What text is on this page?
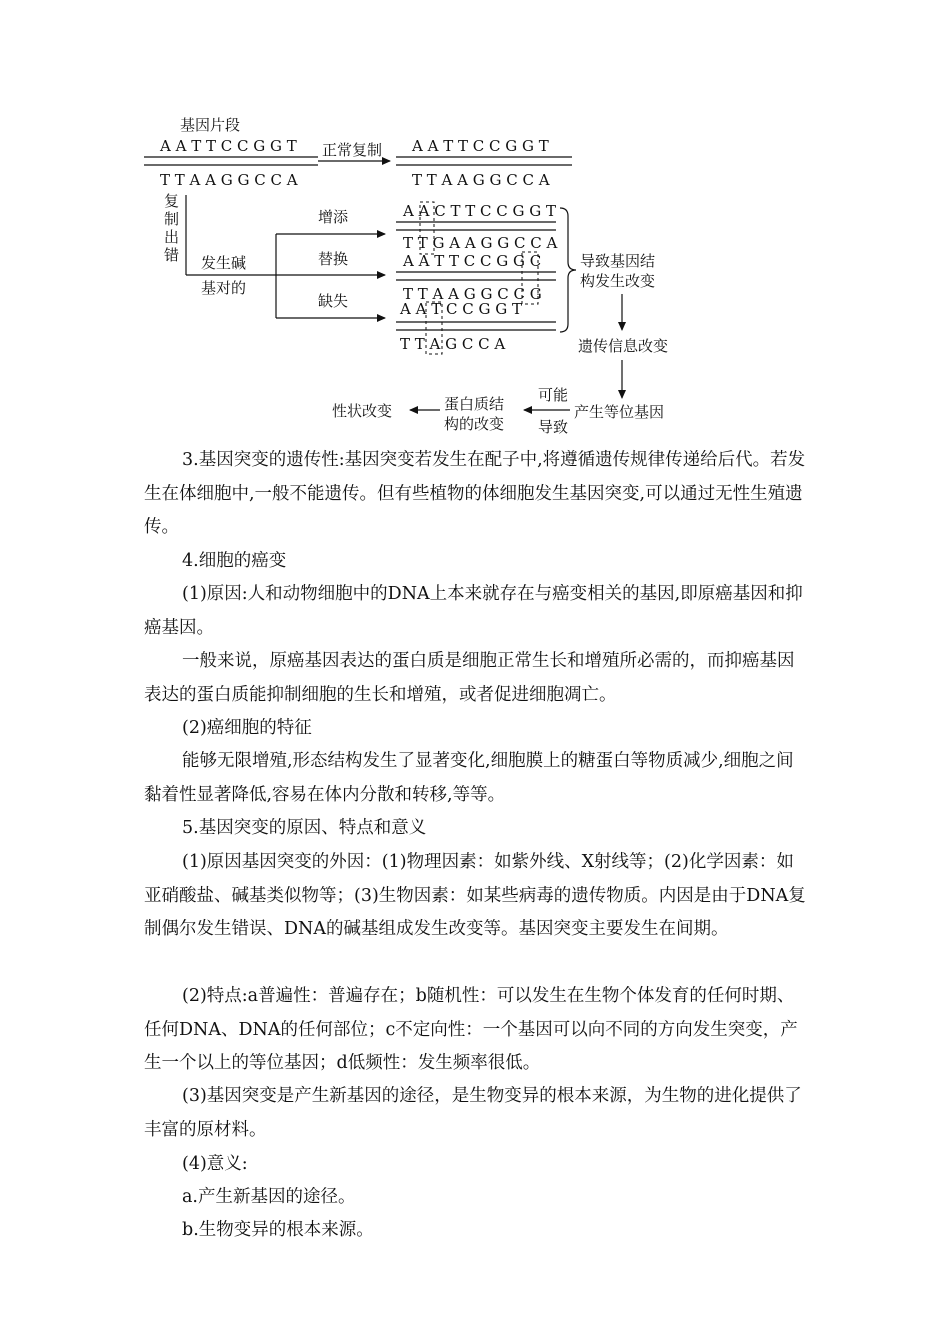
基因片段
A A T T C C G G T
T T A A G G C C A
正常复制 A A T T C C G G T
T T A A G G C C A
复
制
出
错 发生碱
基对的
增添
替换
缺失
A A C T T C C G G T
T T G A A G G C C A
A A T T C C G G C
T T A A G G C C G
A A T C C G G T
T T A G C C A
导致基因结
构发生改变
遗传信息改变
产生等位基因
可能
导致
蛋白质结
构的改变
性状改变

3.基因突变的遗传性:基因突变若发生在配子中,将遵循遗传规律传递给后代。若发生在体细胞中,一般不能遗传。但有些植物的体细胞发生基因突变,可以通过无性生殖遗传。

4.细胞的癌变

(1)原因:人和动物细胞中的DNA上本来就存在与癌变相关的基因,即原癌基因和抑癌基因。

一般来说，原癌基因表达的蛋白质是细胞正常生长和增殖所必需的，而抑癌基因表达的蛋白质能抑制细胞的生长和增殖，或者促进细胞凋亡。

(2)癌细胞的特征

能够无限增殖,形态结构发生了显著变化,细胞膜上的糖蛋白等物质减少,细胞之间黏着性显著降低,容易在体内分散和转移,等等。

5.基因突变的原因、特点和意义

(1)原因基因突变的外因：(1)物理因素：如紫外线、X射线等；(2)化学因素：如亚硝酸盐、碱基类似物等；(3)生物因素：如某些病毒的遗传物质。内因是由于DNA复制偶尔发生错误、DNA的碱基组成发生改变等。基因突变主要发生在间期。

(2)特点:a普遍性：普遍存在；b随机性：可以发生在生物个体发育的任何时期、任何DNA、DNA的任何部位；c不定向性：一个基因可以向不同的方向发生突变，产生一个以上的等位基因；d低频性：发生频率很低。

(3)基因突变是产生新基因的途径，是生物变异的根本来源，为生物的进化提供了丰富的原材料。

(4)意义:

a.产生新基因的途径。

b.生物变异的根本来源。
